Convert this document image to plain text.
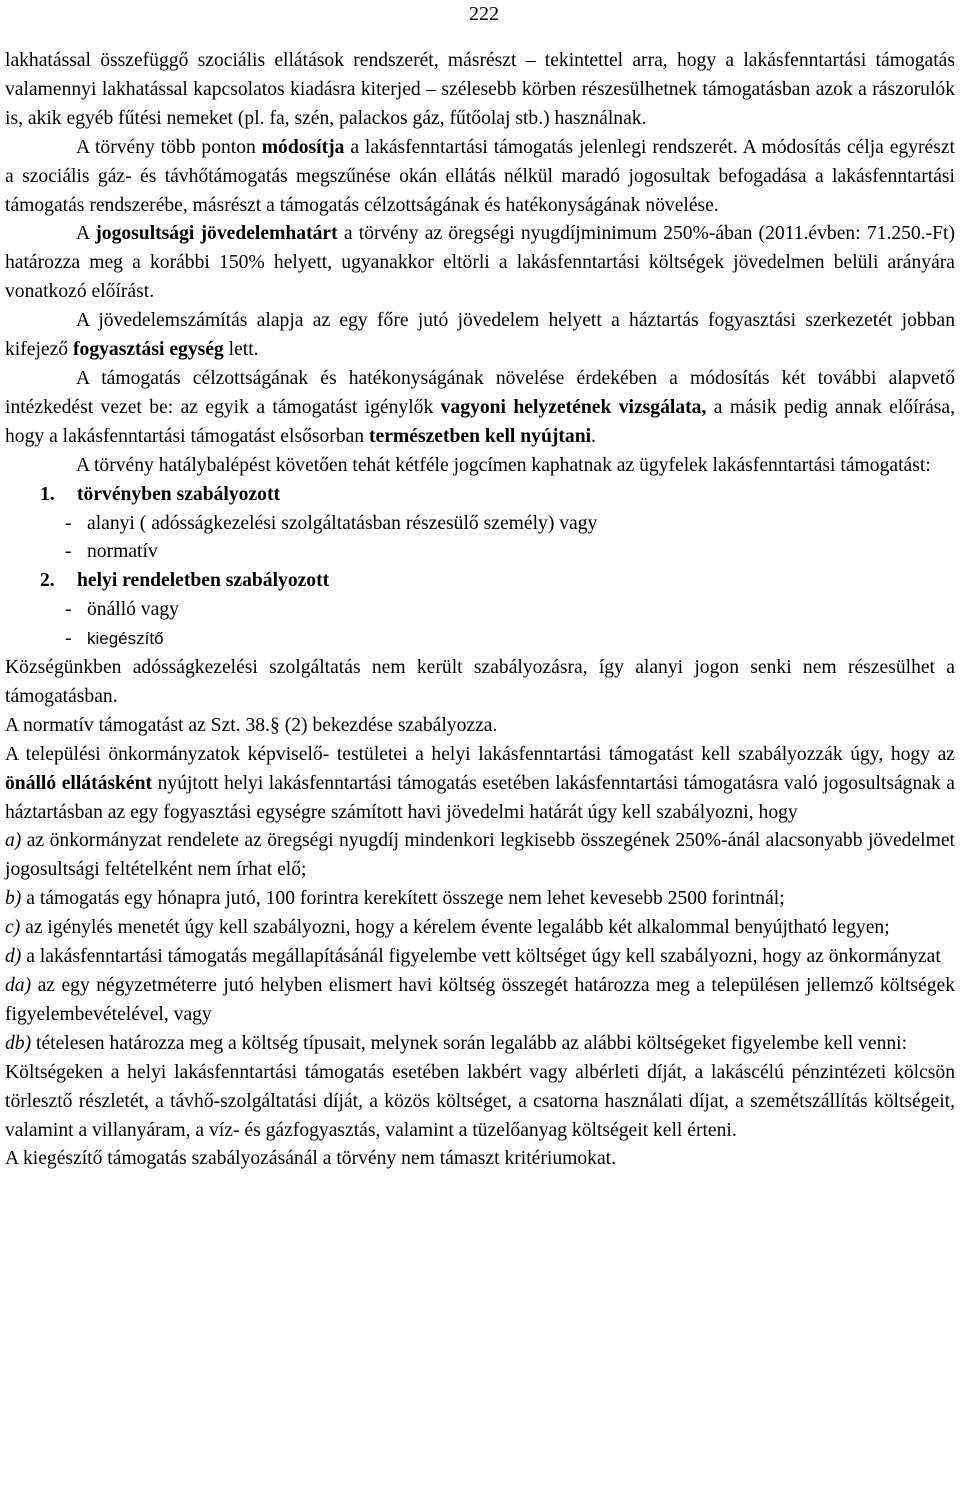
222

lakhatással összefüggő szociális ellátások rendszerét, másrészt – tekintettel arra, hogy a lakásfenntartási támogatás valamennyi lakhatással kapcsolatos kiadásra kiterjed – szélesebb körben részesülhetnek támogatásban azok a rászorulók is, akik egyéb fűtési nemeket (pl. fa, szén, palackos gáz, fűtőolaj stb.) használnak.

A törvény több ponton módosítja a lakásfenntartási támogatás jelenlegi rendszerét. A módosítás célja egyrészt a szociális gáz- és távhőtámogatás megszűnése okán ellátás nélkül maradó jogosultak befogadása a lakásfenntartási támogatás rendszerébe, másrészt a támogatás célzottságának és hatékonyságának növelése.

A jogosultsági jövedelemhatárt a törvény az öregségi nyugdíjminimum 250%-ában (2011.évben: 71.250.-Ft) határozza meg a korábbi 150% helyett, ugyanakkor eltörli a lakásfenntartási költségek jövedelmen belüli arányára vonatkozó előírást.

A jövedelemszámítás alapja az egy főre jutó jövedelem helyett a háztartás fogyasztási szerkezetét jobban kifejező fogyasztási egység lett.

A támogatás célzottságának és hatékonyságának növelése érdekében a módosítás két további alapvető intézkedést vezet be: az egyik a támogatást igénylők vagyoni helyzetének vizsgálata, a másik pedig annak előírása, hogy a lakásfenntartási támogatást elsősorban természetben kell nyújtani.

A törvény hatálybalépést követően tehát kétféle jogcímen kaphatnak az ügyfelek lakásfenntartási támogatást:

1. törvényben szabályozott
- alanyi ( adósságkezelési szolgáltatásban részesülő személy) vagy
- normatív
2. helyi rendeletben szabályozott
- önálló vagy
- kiegészítő

Községünkben adósságkezelési szolgáltatás nem került szabályozásra, így alanyi jogon senki nem részesülhet a támogatásban.

A normatív támogatást az Szt. 38.§ (2) bekezdése szabályozza.

A települési önkormányzatok képviselő- testületei a helyi lakásfenntartási támogatást kell szabályozzák úgy, hogy az önálló ellátásként nyújtott helyi lakásfenntartási támogatás esetében lakásfenntartási támogatásra való jogosultságnak a háztartásban az egy fogyasztási egységre számított havi jövedelmi határát úgy kell szabályozni, hogy

a) az önkormányzat rendelete az öregségi nyugdíj mindenkori legkisebb összegének 250%-ánál alacsonyabb jövedelmet jogosultsági feltételként nem írhat elő;

b) a támogatás egy hónapra jutó, 100 forintra kerekített összege nem lehet kevesebb 2500 forintnál;

c) az igénylés menetét úgy kell szabályozni, hogy a kérelem évente legalább két alkalommal benyújtható legyen;

d) a lakásfenntartási támogatás megállapításánál figyelembe vett költséget úgy kell szabályozni, hogy az önkormányzat

da) az egy négyzetméterre jutó helyben elismert havi költség összegét határozza meg a településen jellemző költségek figyelembevételével, vagy

db) tételesen határozza meg a költség típusait, melynek során legalább az alábbi költségeket figyelembe kell venni:

Költségeken a helyi lakásfenntartási támogatás esetében lakbért vagy albérleti díját, a lakáscélú pénzintézeti kölcsön törlesztő részletét, a távhő-szolgáltatási díját, a közös költséget, a csatorna használati díjat, a szemétszállítás költségeit, valamint a villanyáram, a víz- és gázfogyasztás, valamint a tüzelőanyag költségeit kell érteni.

A kiegészítő támogatás szabályozásánál a törvény nem támaszt kritériumokat.
